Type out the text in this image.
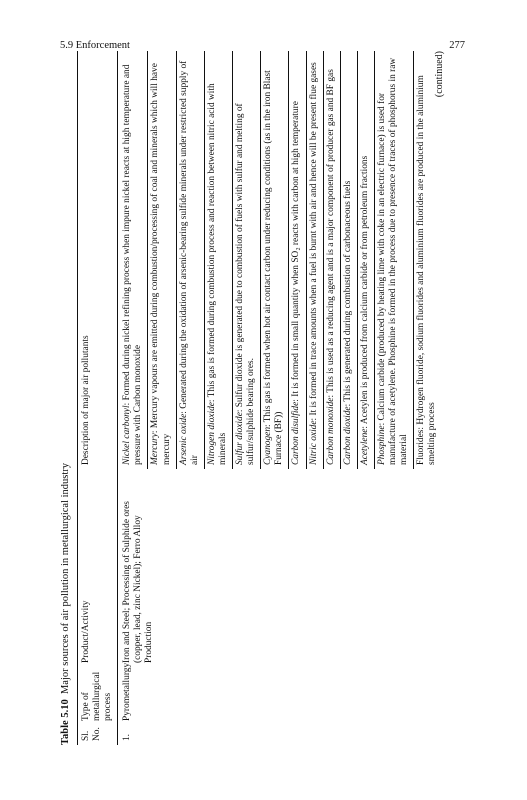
5.9 Enforcement	277
Table 5.10  Major sources of air pollution in metallurgical industry
Sl. No.	Type of metallurgical process	Product/Activity	Description of major air pollutants
1.	Pyrometallurgy	Iron and Steel; Processing of Sulphide ores (copper, lead, zinc Nickel); Ferro Alloy Production	Nickel carbonyl: Formed during nickel refining process when impure nickel reacts at high temperature and pressure with Carbon monoxide
			Mercury: Mercury vapours are emitted during combustion/processing of coal and minerals which will have mercury
			Arsenic oxide: Generated during the oxidation of arsenic-bearing sulfide minerals under restricted supply of air
			Nitrogen dioxide: This gas is formed during combustion process and reaction between nitric acid with minerals
			Sulfur dioxide: Sulfur dioxide is generated due to combustion of fuels with sulfur and melting of sulfur/sulphide bearing ores.
			Cyanogen: This gas is formed when hot air contact carbon under reducing conditions (as in the iron Blast Furnace (BF))
			Carbon disulfide: It is formed in small quantity when SO₂ reacts with carbon at high temperature
			Nitric oxide: It is formed in trace amounts when a fuel is burnt with air and hence will be present flue gases
			Carbon monoxide: This is used as a reducing agent and is a major component of producer gas and BF gas
			Carbon dioxide: This is generated during combustion of carbonaceous fuels
			Acetylene: Acetylen is produced from calcium carbide or from petroleum fractions
			Phosphine: Calcium carbide (produced by heating lime with coke in an electric furnace) is used for manufacture of acetylene. Phosphine is formed in the process due to presence of traces of phosphorus in raw material
			Fluorides: Hydrogen fluoride, sodium fluorides and aluminium fluorides are produced in the aluminium smelting process
(continued)
